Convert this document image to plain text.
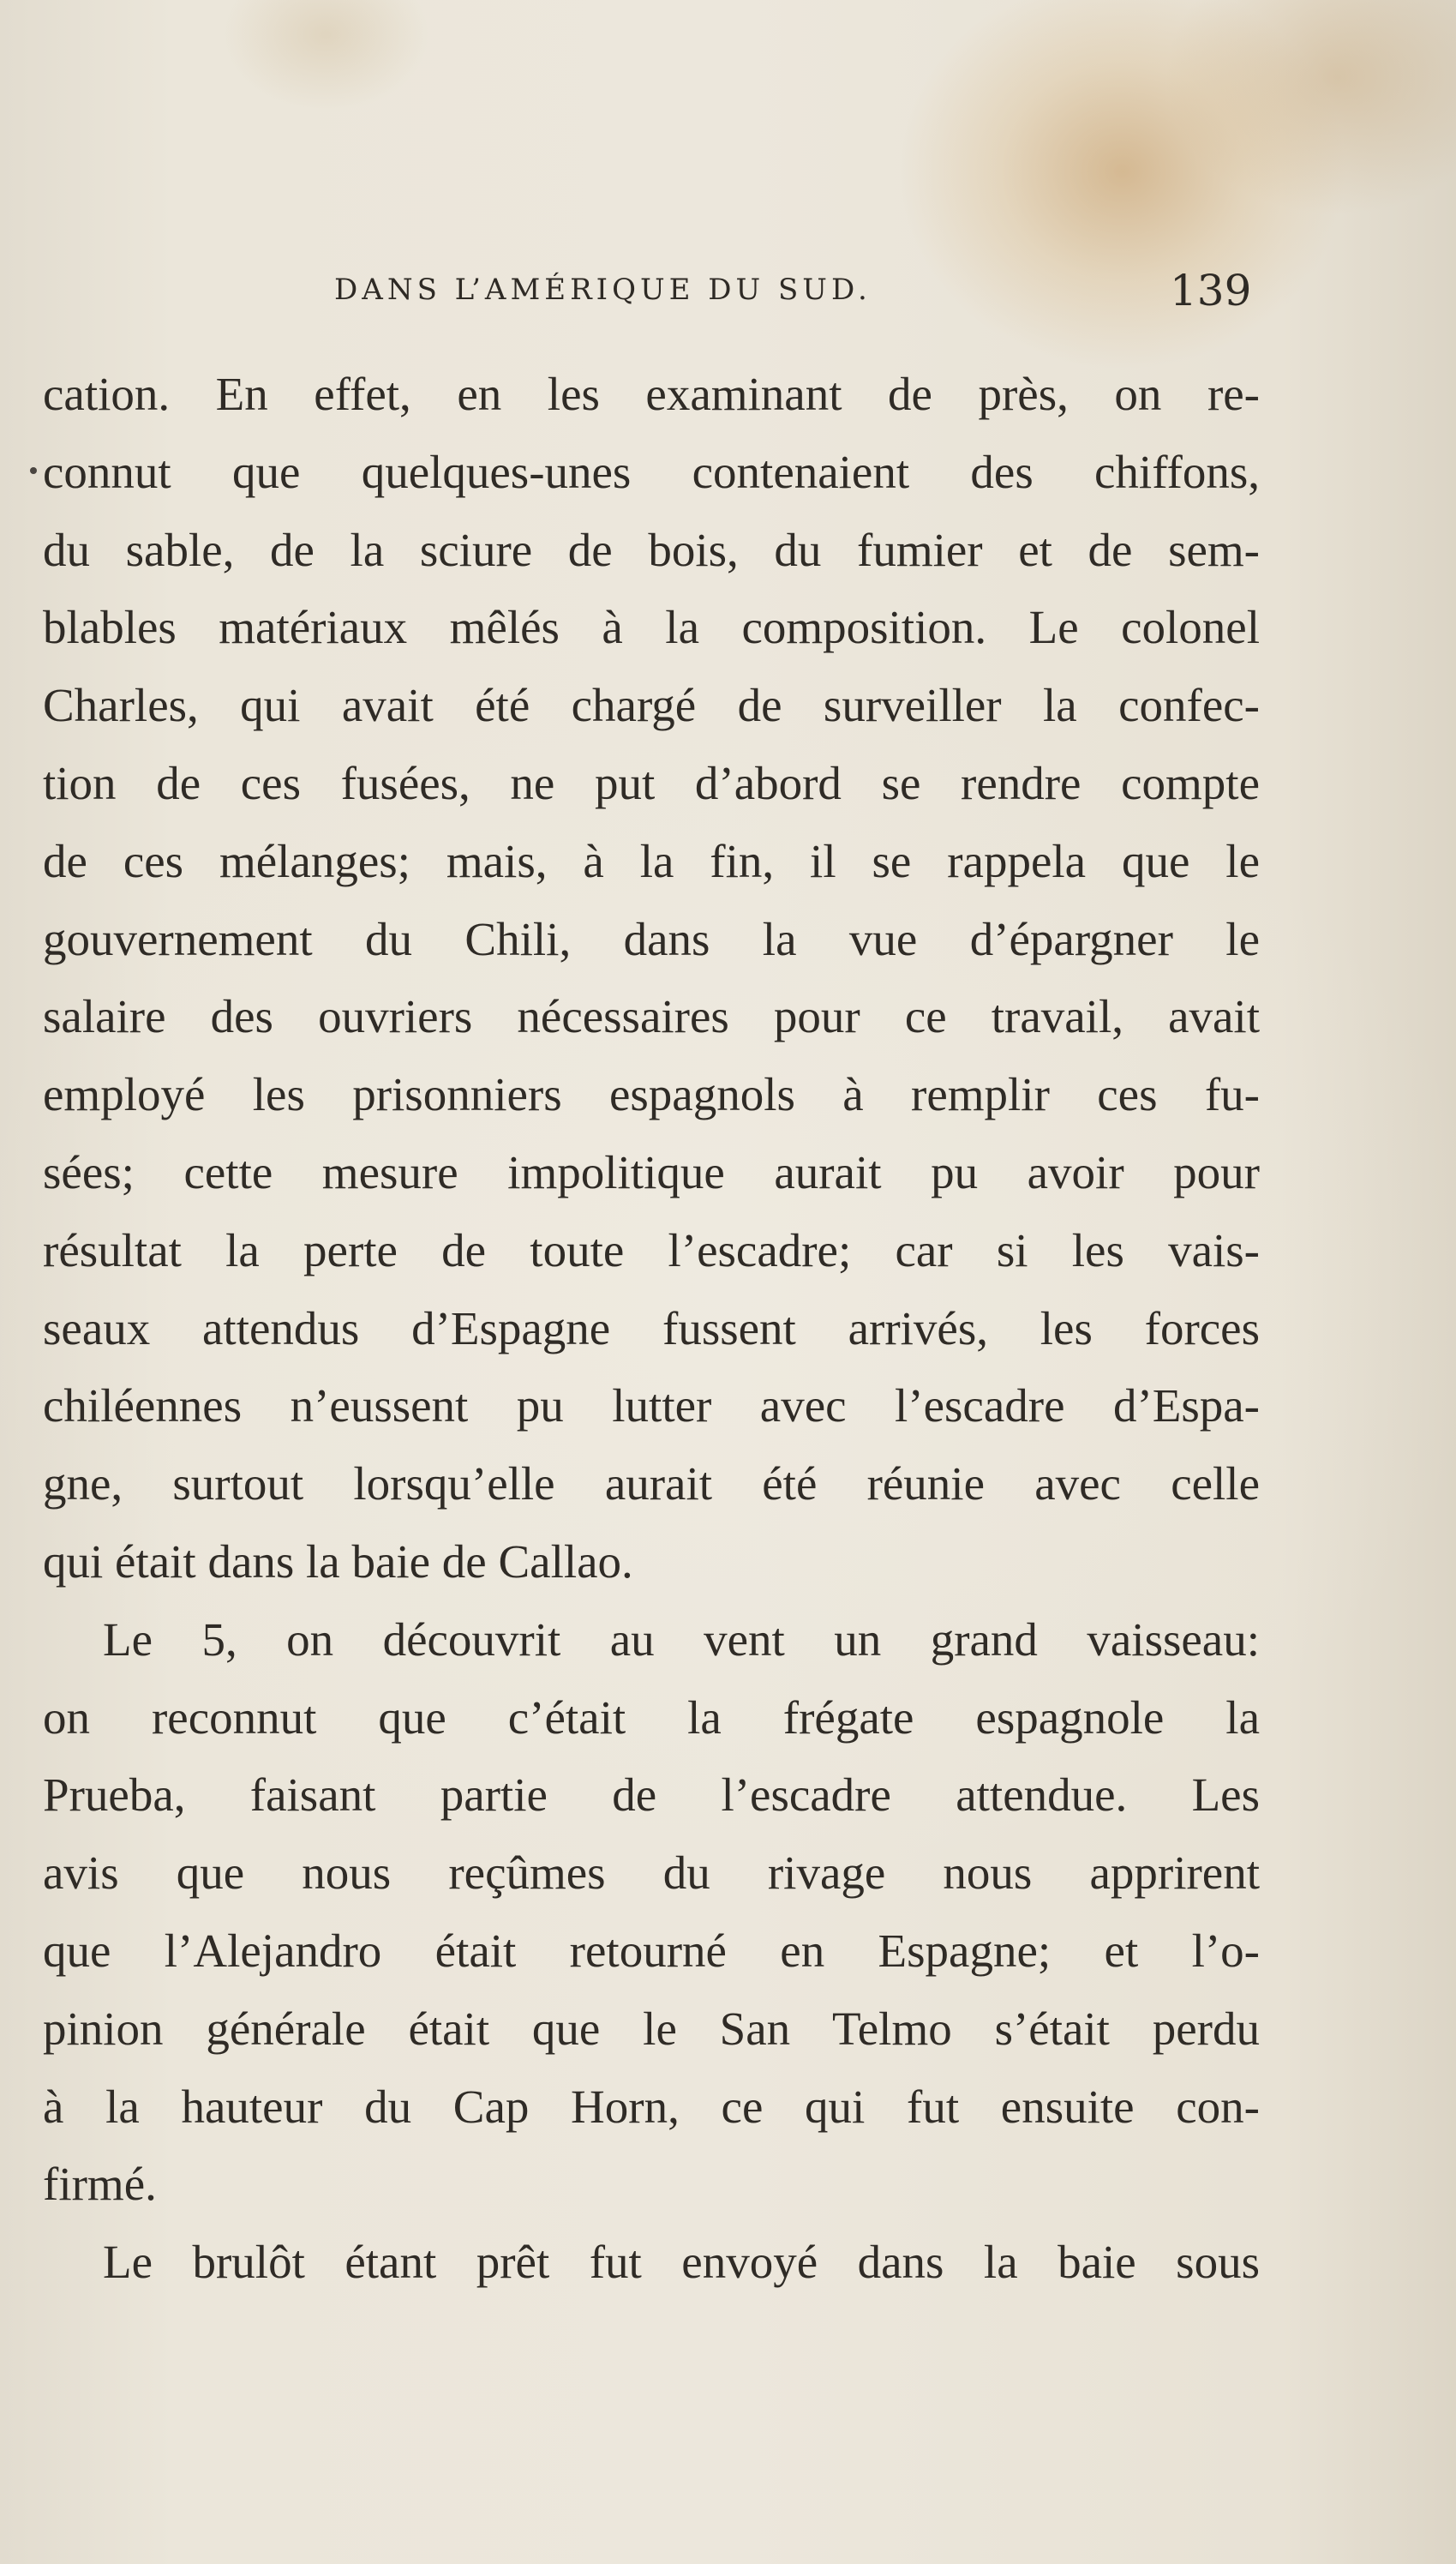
DANS L’AMÉRIQUE DU SUD.	139
cation. En effet, en les examinant de près, on re-
connut que quelques-unes contenaient des chiffons,
du sable, de la sciure de bois, du fumier et de sem-
blables matériaux mêlés à la composition. Le colonel
Charles, qui avait été chargé de surveiller la confec-
tion de ces fusées, ne put d’abord se rendre compte
de ces mélanges; mais, à la fin, il se rappela que le
gouvernement du Chili, dans la vue d’épargner le
salaire des ouvriers nécessaires pour ce travail, avait
employé les prisonniers espagnols à remplir ces fu-
sées; cette mesure impolitique aurait pu avoir pour
résultat la perte de toute l’escadre; car si les vais-
seaux attendus d’Espagne fussent arrivés, les forces
chiléennes n’eussent pu lutter avec l’escadre d’Espa-
gne, surtout lorsqu’elle aurait été réunie avec celle
qui était dans la baie de Callao.
Le 5, on découvrit au vent un grand vaisseau:
on reconnut que c’était la frégate espagnole la
Prueba, faisant partie de l’escadre attendue. Les
avis que nous reçûmes du rivage nous apprirent
que l’Alejandro était retourné en Espagne; et l’o-
pinion générale était que le San Telmo s’était perdu
à la hauteur du Cap Horn, ce qui fut ensuite con-
firmé.
Le brulôt étant prêt fut envoyé dans la baie sous
